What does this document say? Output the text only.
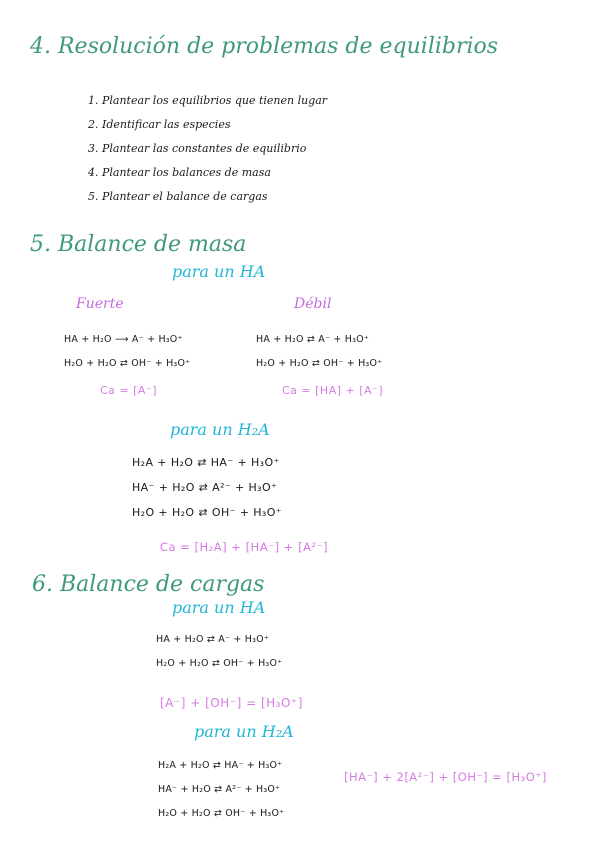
4. Resolución de problemas de equilibrios
1. Plantear los equilibrios que tienen lugar
2. Identificar las especies
3. Plantear las constantes de equilibrio
4. Plantear los balances de masa
5. Plantear el balance de cargas
5. Balance de masa
para un HA
Fuerte	Débil
HA + H₂O ⟶ A⁻ + H₃O⁺
H₂O + H₂O ⇄ OH⁻ + H₃O⁺
HA + H₂O ⇄ A⁻ + H₃O⁺
H₂O + H₂O ⇄ OH⁻ + H₃O⁺
Ca = [A⁻]	Ca = [HA] + [A⁻]
para un H₂A
H₂A + H₂O ⇄ HA⁻ + H₃O⁺
HA⁻ + H₂O ⇄ A²⁻ + H₃O⁺
H₂O + H₂O ⇄ OH⁻ + H₃O⁺
Ca = [H₂A] + [HA⁻] + [A²⁻]
6. Balance de cargas
para un HA
HA + H₂O ⇄ A⁻ + H₃O⁺
H₂O + H₂O ⇄ OH⁻ + H₃O⁺
[A⁻] + [OH⁻] = [H₃O⁺]
para un H₂A
H₂A + H₂O ⇄ HA⁻ + H₃O⁺
HA⁻ + H₂O ⇄ A²⁻ + H₃O⁺
H₂O + H₂O ⇄ OH⁻ + H₃O⁺
[HA⁻] + 2[A²⁻] + [OH⁻] = [H₃O⁺]
